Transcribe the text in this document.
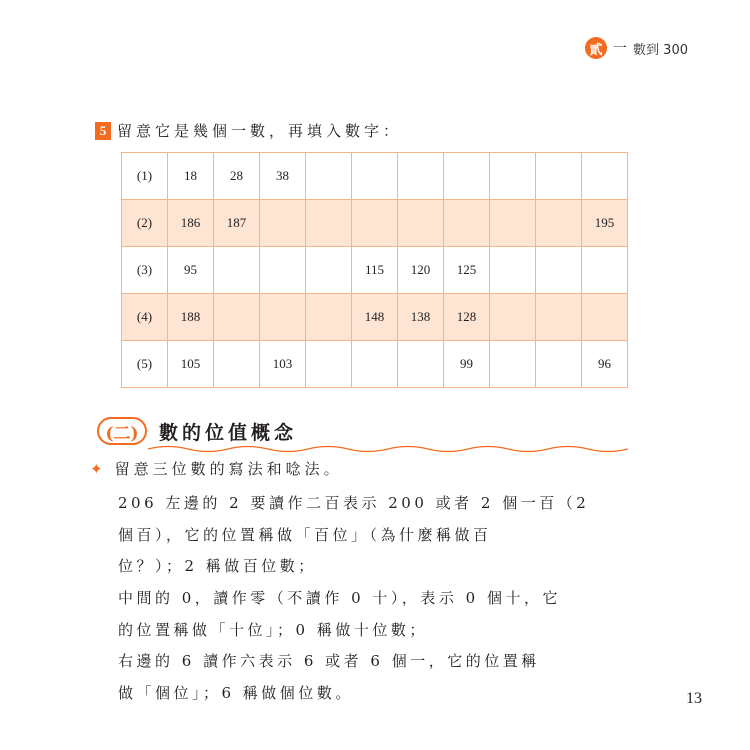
貳 一 數到 300
5 留意它是幾個一數，再填入數字：
(1)	18	28	38							
(2)	186	187								195
(3)	95				115	120	125			
(4)	188				148	138	128			
(5)	105		103				99			96
(二)	數的位值概念
✦ 留意三位數的寫法和唸法。
206 左邊的 2 要讀作二百表示 200 或者 2 個一百（2
個百），它的位置稱做「百位」（為什麼稱做百
位？）；2 稱做百位數；
中間的 0，讀作零（不讀作 0 十），表示 0 個十，它
的位置稱做「十位」；0 稱做十位數；
右邊的 6 讀作六表示 6 或者 6 個一，它的位置稱
做「個位」；6 稱做個位數。	13
